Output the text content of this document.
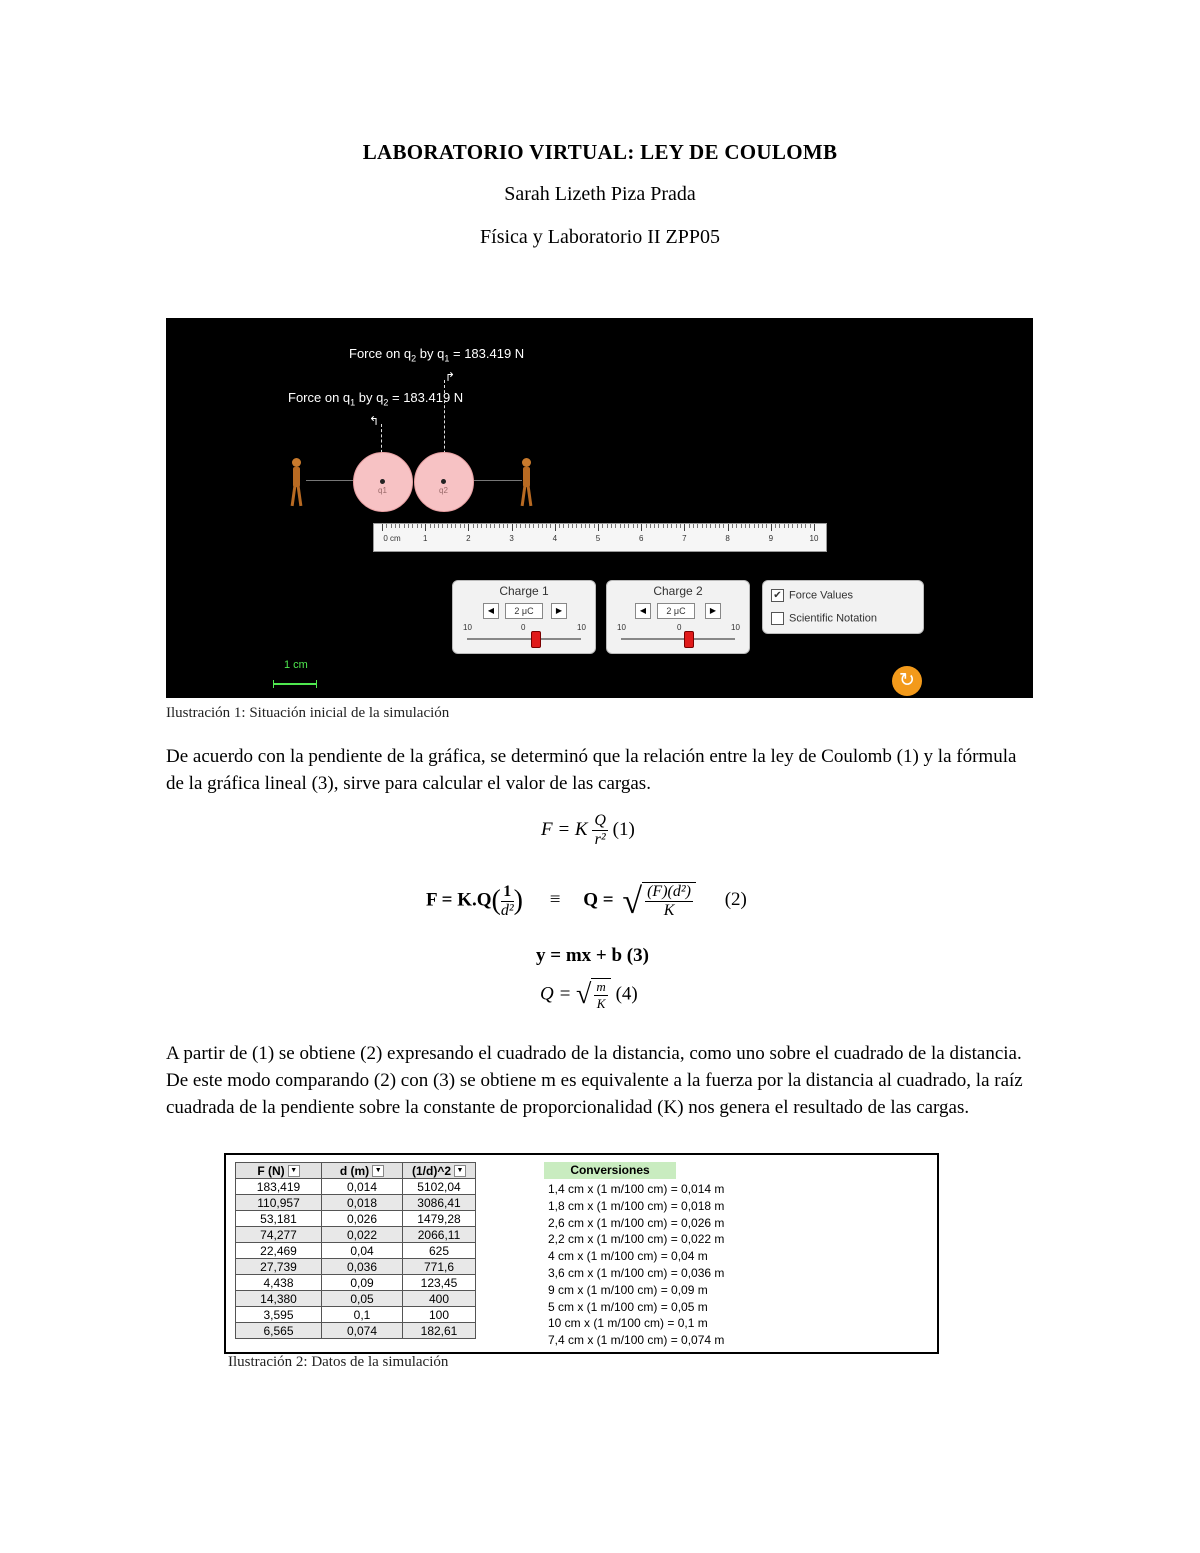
LABORATORIO VIRTUAL: LEY DE COULOMB
Sarah Lizeth Piza Prada
Física y Laboratorio II ZPP05
Force on $q_2$ by $q_1 = 183.419$ N
↱
Force on $q_1$ by $q_2 = 183.419$ N
↰
q1	q2
0 cm	1	2	3	4	5	6	7	8	9	10
Charge 1
◀	2 μC	▶
10	0	10
Charge 2
◀	2 μC	▶
10	0	10
✔ Force Values
Scientific Notation
1 cm
↻
Ilustración 1: Situación inicial de la simulación
De acuerdo con la pendiente de la gráfica, se determinó que la relación entre la ley de Coulomb (1) y la fórmula de la gráfica lineal (3), sirve para calcular el valor de las cargas.
F = K $\frac{Q}{\text{r²}} (1)$
$F = K.Q( \frac{1}{\text{d²}}$ ) ≡ Q = √ $\frac{\text{(F)(d²)}}{K} (2)$
y = mx + b (3)
Q = √ $\frac{m}{K} (4)$
A partir de (1) se obtiene (2) expresando el cuadrado de la distancia, como uno sobre el cuadrado de la distancia. De este modo comparando (2) con (3) se obtiene m es equivalente a la fuerza por la distancia al cuadrado, la raíz cuadrada de la pendiente sobre la constante de proporcionalidad (K) nos genera el resultado de las cargas.
F (N) ▼	d (m) ▼	(1/d)^2 ▼
183,419	0,014	5102,04
110,957	0,018	3086,41
53,181	0,026	1479,28
74,277	0,022	2066,11
22,469	0,04	625
27,739	0,036	771,6
4,438	0,09	123,45
14,380	0,05	400
3,595	0,1	100
6,565	0,074	182,61
Conversiones
1,4 cm x (1 m/100 cm) = 0,014 m
1,8 cm x (1 m/100 cm) = 0,018 m
2,6 cm x (1 m/100 cm) = 0,026 m
2,2 cm x (1 m/100 cm) = 0,022 m
4 cm x (1 m/100 cm) = 0,04 m
3,6 cm x (1 m/100 cm) = 0,036 m
9 cm x (1 m/100 cm) = 0,09 m
5 cm x (1 m/100 cm) = 0,05 m
10 cm x (1 m/100 cm) = 0,1 m
7,4 cm x (1 m/100 cm) = 0,074 m
Ilustración 2: Datos de la simulación
